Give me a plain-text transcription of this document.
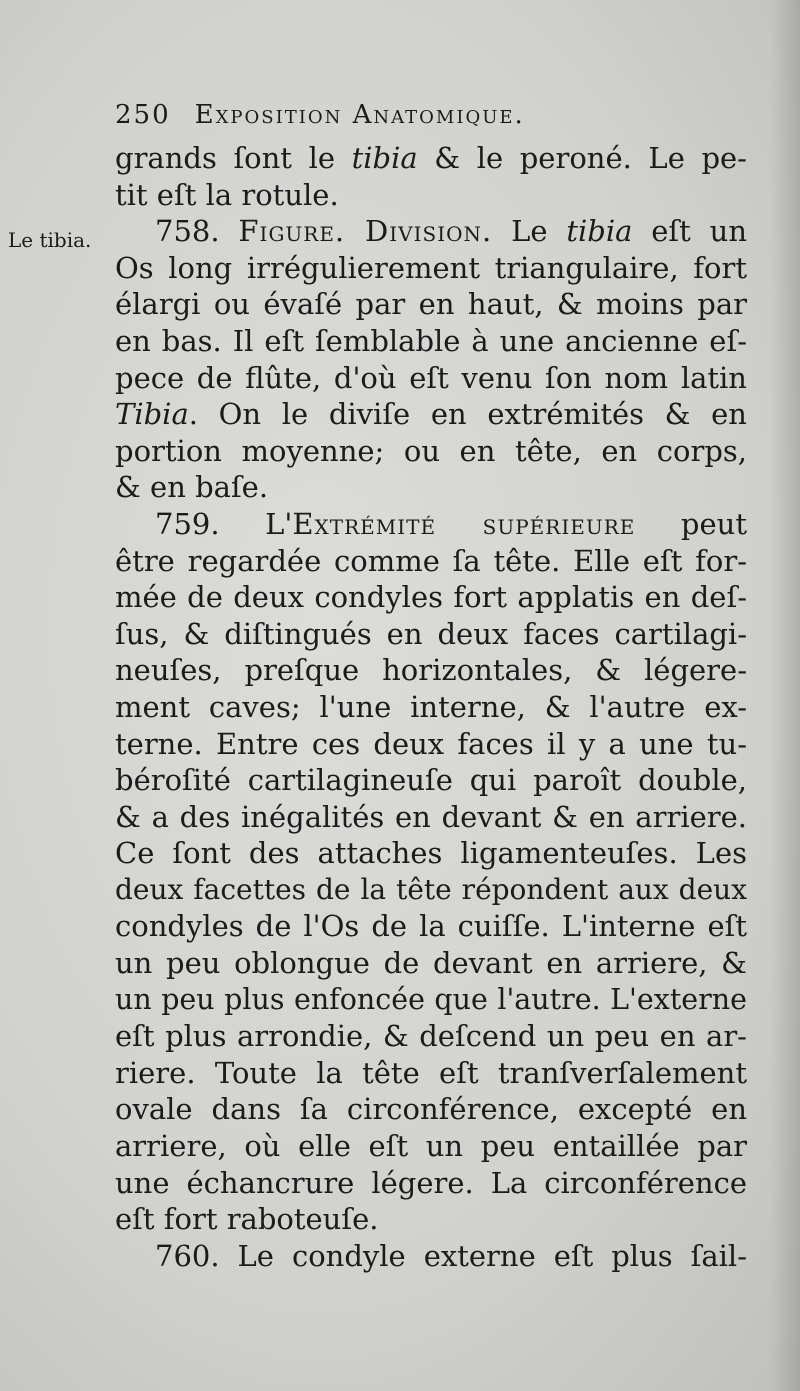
250 Exposition Anatomique.
Le tibia.
grands ſont le tibia & le peroné. Le pe-
tit eſt la rotule.
758. Figure. Division. Le tibia eſt un
Os long irrégulierement triangulaire, fort
élargi ou évaſé par en haut, & moins par
en bas. Il eſt ſemblable à une ancienne eſ-
pece de flûte, d'où eſt venu ſon nom latin
Tibia. On le diviſe en extrémités & en
portion moyenne; ou en tête, en corps,
& en baſe.
759. L'Extrémité supérieure peut
être regardée comme ſa tête. Elle eſt for-
mée de deux condyles fort applatis en deſ-
ſus, & diſtingués en deux faces cartilagi-
neuſes, preſque horizontales, & légere-
ment caves; l'une interne, & l'autre ex-
terne. Entre ces deux faces il y a une tu-
béroſité cartilagineuſe qui paroît double,
& a des inégalités en devant & en arriere.
Ce ſont des attaches ligamenteuſes. Les
deux facettes de la tête répondent aux deux
condyles de l'Os de la cuiſſe. L'interne eſt
un peu oblongue de devant en arriere, &
un peu plus enfoncée que l'autre. L'externe
eſt plus arrondie, & deſcend un peu en ar-
riere. Toute la tête eſt tranſverſalement
ovale dans ſa circonférence, excepté en
arriere, où elle eſt un peu entaillée par
une échancrure légere. La circonférence
eſt fort raboteuſe.
760. Le condyle externe eſt plus ſail-
